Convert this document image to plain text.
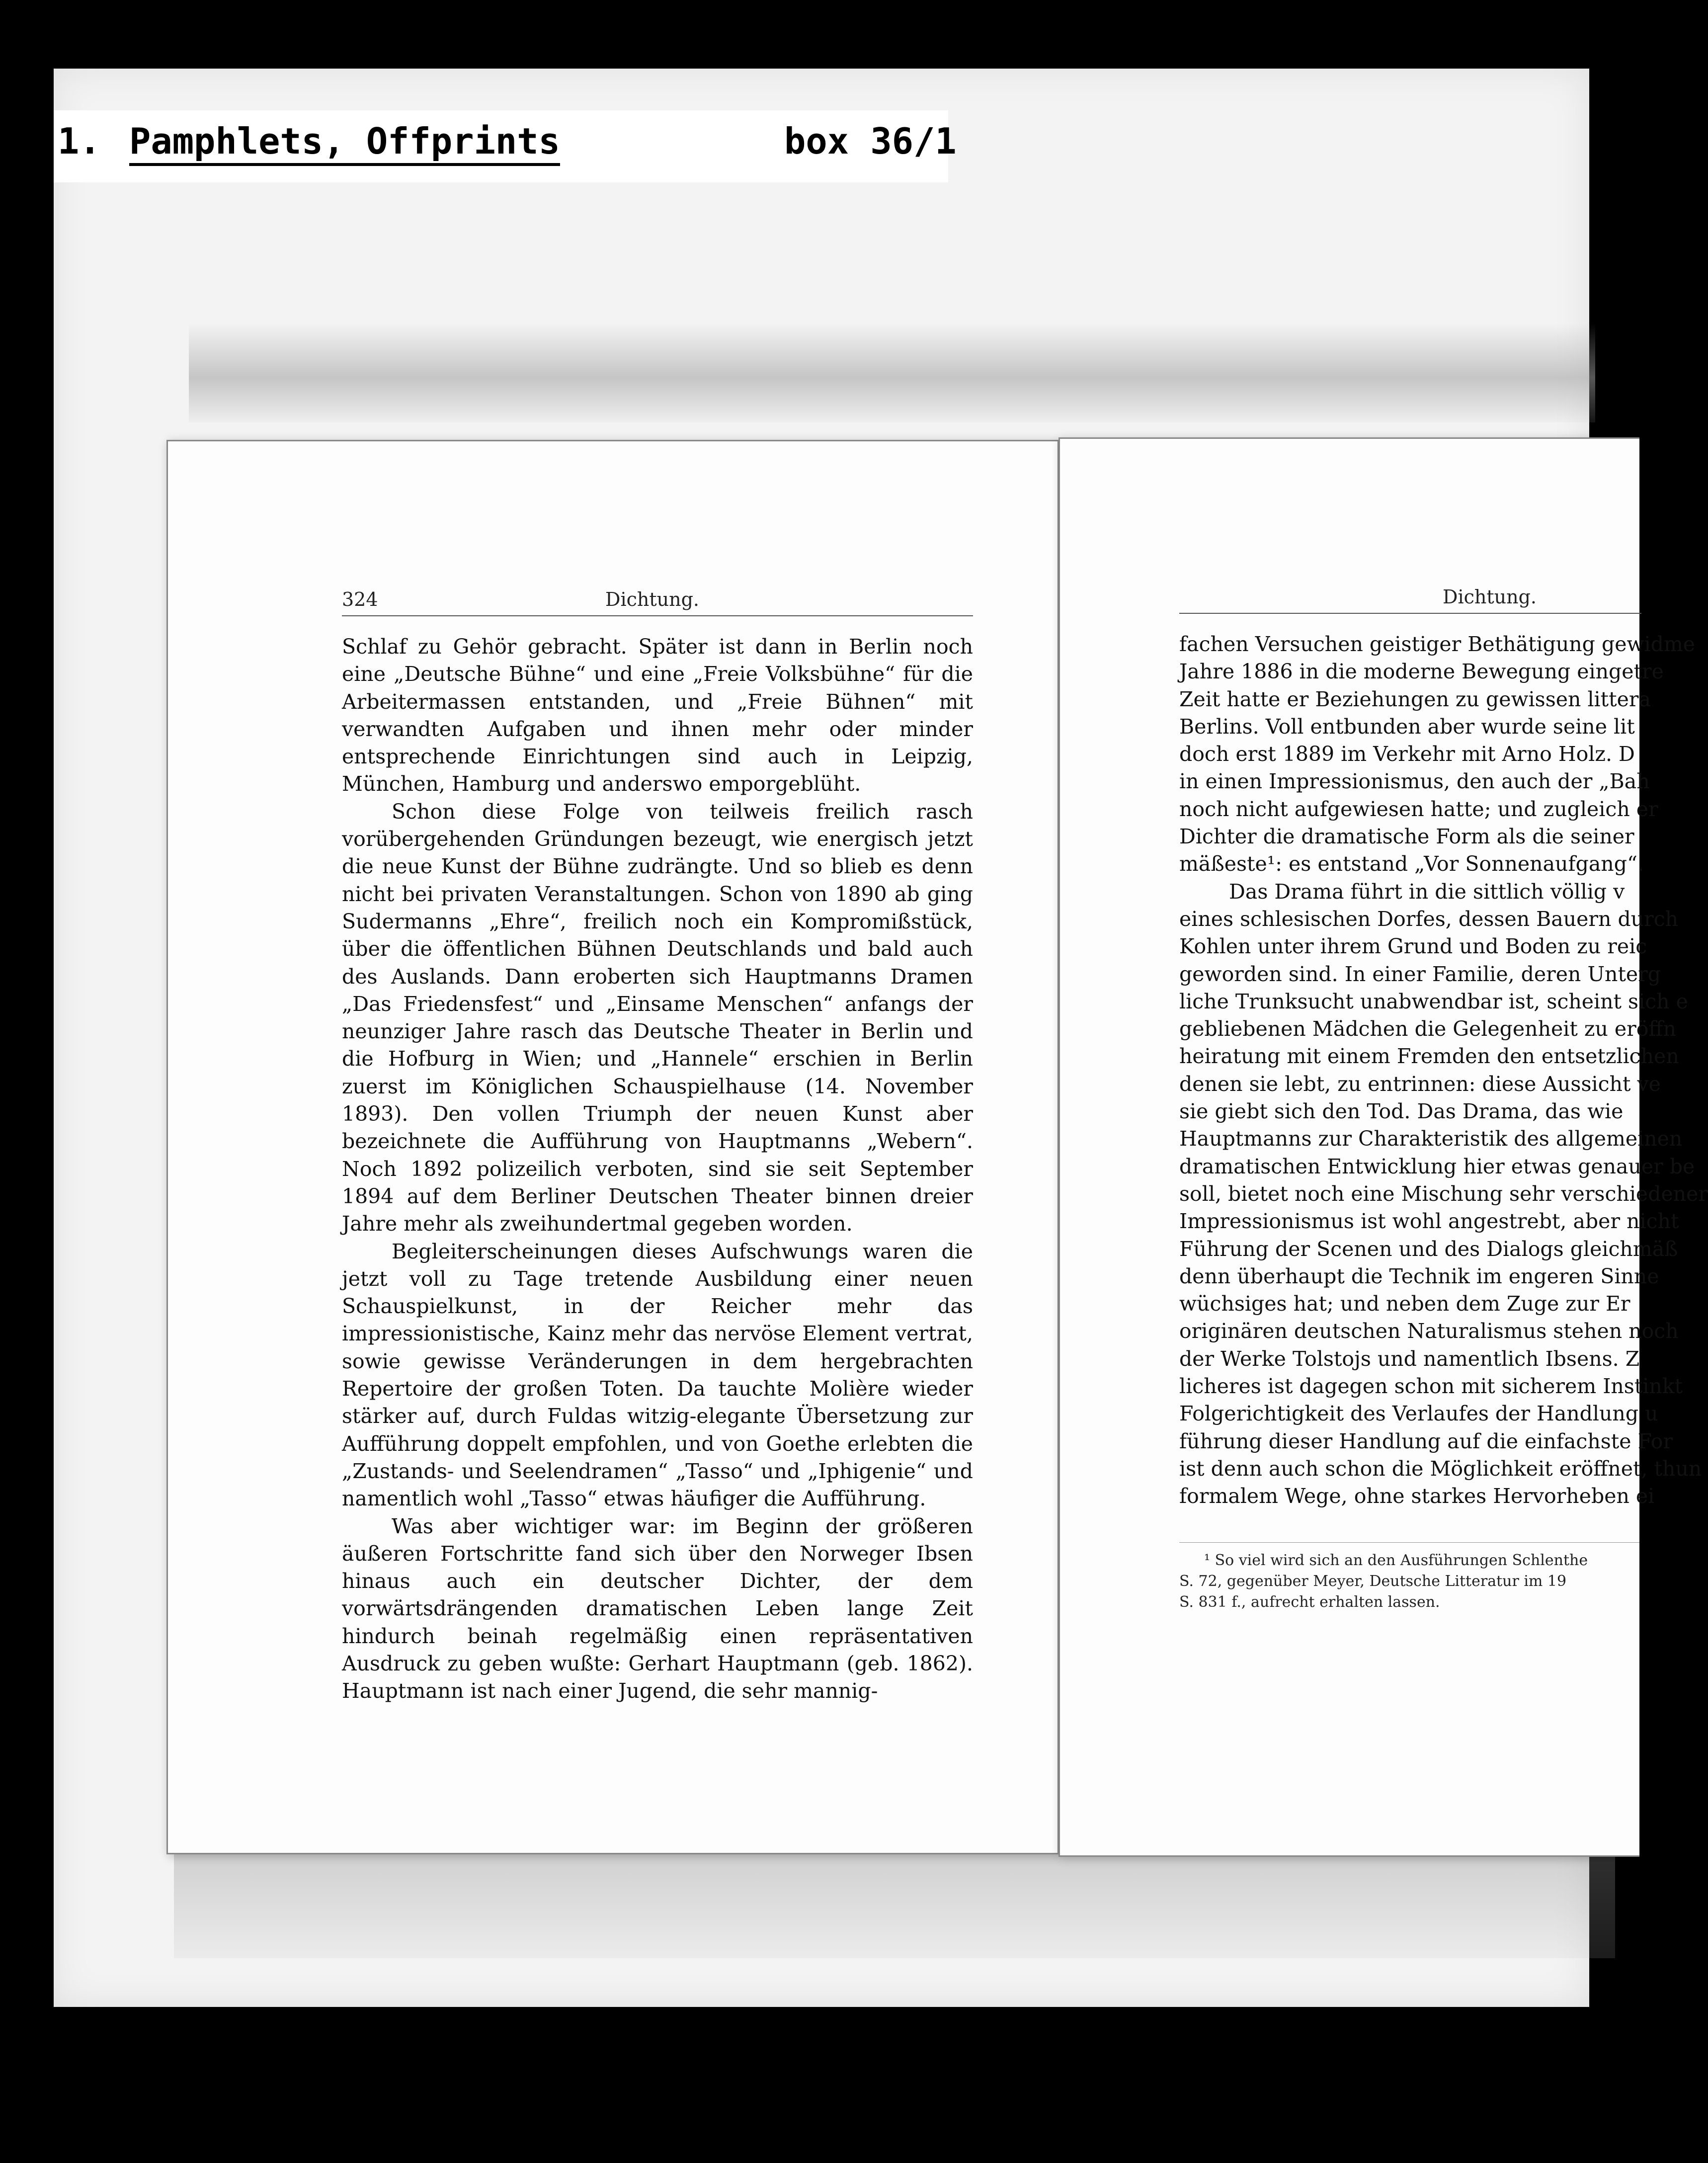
1.

Pamphlets, Offprints

	box 36/1

324	Dichtung.

Schlaf zu Gehör gebracht. Später ist dann in Berlin noch eine „Deutsche Bühne“ und eine „Freie Volksbühne“ für die Arbeitermassen entstanden, und „Freie Bühnen“ mit verwandten Aufgaben und ihnen mehr oder minder entsprechende Einrichtungen sind auch in Leipzig, München, Hamburg und anderswo emporgeblüht.

Schon diese Folge von teilweis freilich rasch vorübergehenden Gründungen bezeugt, wie energisch jetzt die neue Kunst der Bühne zudrängte. Und so blieb es denn nicht bei privaten Veranstaltungen. Schon von 1890 ab ging Sudermanns „Ehre“, freilich noch ein Kompromißstück, über die öffentlichen Bühnen Deutschlands und bald auch des Auslands. Dann eroberten sich Hauptmanns Dramen „Das Friedensfest“ und „Einsame Menschen“ anfangs der neunziger Jahre rasch das Deutsche Theater in Berlin und die Hofburg in Wien; und „Hannele“ erschien in Berlin zuerst im Königlichen Schauspielhause (14. November 1893). Den vollen Triumph der neuen Kunst aber bezeichnete die Aufführung von Hauptmanns „Webern“. Noch 1892 polizeilich verboten, sind sie seit September 1894 auf dem Berliner Deutschen Theater binnen dreier Jahre mehr als zweihundertmal gegeben worden.

Begleiterscheinungen dieses Aufschwungs waren die jetzt voll zu Tage tretende Ausbildung einer neuen Schauspielkunst, in der Reicher mehr das impressionistische, Kainz mehr das nervöse Element vertrat, sowie gewisse Veränderungen in dem hergebrachten Repertoire der großen Toten. Da tauchte Molière wieder stärker auf, durch Fuldas witzig-elegante Übersetzung zur Aufführung doppelt empfohlen, und von Goethe erlebten die „Zustands- und Seelendramen“ „Tasso“ und „Iphigenie“ und namentlich wohl „Tasso“ etwas häufiger die Aufführung.

Was aber wichtiger war: im Beginn der größeren äußeren Fortschritte fand sich über den Norweger Ibsen hinaus auch ein deutscher Dichter, der dem vorwärtsdrängenden dramatischen Leben lange Zeit hindurch beinah regelmäßig einen repräsentativen Ausdruck zu geben wußte: Gerhart Hauptmann (geb. 1862). Hauptmann ist nach einer Jugend, die sehr mannig-

Dichtung.
fachen Versuchen geistiger Bethätigung gewidme
Jahre 1886 in die moderne Bewegung eingetre
Zeit hatte er Beziehungen zu gewissen littera
Berlins. Voll entbunden aber wurde seine lit
doch erst 1889 im Verkehr mit Arno Holz. D
in einen Impressionismus, den auch der „Bah
noch nicht aufgewiesen hatte; und zugleich er
Dichter die dramatische Form als die seiner
mäßeste¹: es entstand „Vor Sonnenaufgang“.
Das Drama führt in die sittlich völlig v
eines schlesischen Dorfes, dessen Bauern durch
Kohlen unter ihrem Grund und Boden zu reic
geworden sind. In einer Familie, deren Unterg
liche Trunksucht unabwendbar ist, scheint sich e
gebliebenen Mädchen die Gelegenheit zu eröffn
heiratung mit einem Fremden den entsetzlichen
denen sie lebt, zu entrinnen: diese Aussicht ve
sie giebt sich den Tod. Das Drama, das wie
Hauptmanns zur Charakteristik des allgemeinen
dramatischen Entwicklung hier etwas genauer be
soll, bietet noch eine Mischung sehr verschiedener
Impressionismus ist wohl angestrebt, aber nicht
Führung der Scenen und des Dialogs gleichmäß
denn überhaupt die Technik im engeren Sinne
wüchsiges hat; und neben dem Zuge zur Er
originären deutschen Naturalismus stehen noch
der Werke Tolstojs und namentlich Ibsens. Z
licheres ist dagegen schon mit sicherem Instinkt
Folgerichtigkeit des Verlaufes der Handlung u
führung dieser Handlung auf die einfachste For
ist denn auch schon die Möglichkeit eröffnet, thun
formalem Wege, ohne starkes Hervorheben ei
¹ So viel wird sich an den Ausführungen Schlenthe
S. 72, gegenüber Meyer, Deutsche Litteratur im 19
S. 831 f., aufrecht erhalten lassen.
